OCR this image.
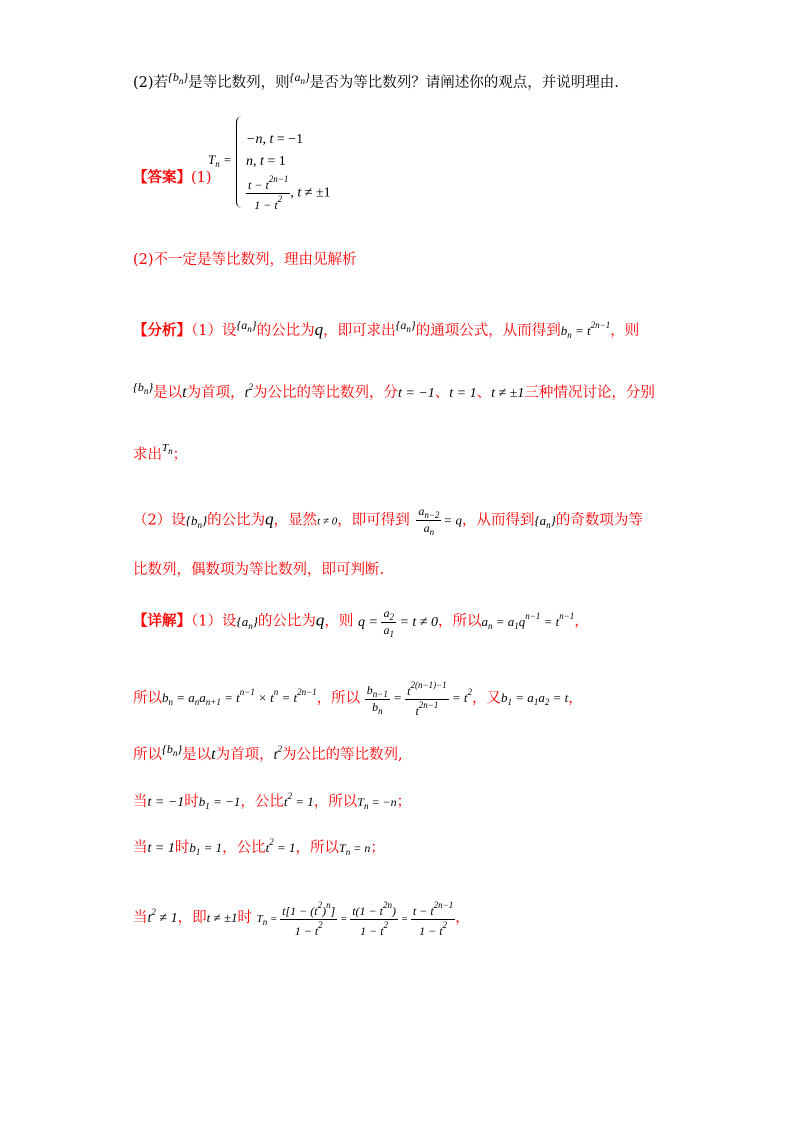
(2)若$^{\{b_n\}}$是等比数列，则$^{\{a_n\}}$是否为等比数列？请阐述你的观点，并说明理由.
【答案】(1)
$T_n$ =
−n, t = −1
n, t = 1
$\frac{t - t^{2n-1}}{1 - t^2}$ , t ≠ ±1
(2)不一定是等比数列，理由见解析
【分析】（1）设$^{\{a_n\}}$的公比为q，即可求出$^{\{a_n\}}$的通项公式，从而得到$b_n = t^{2n-1}$，则
$^{\{b_n\}}$是以t为首项，$t^2$为公比的等比数列，分t = −1、t = 1、t ≠ ±1三种情况讨论，分别
求出$^{T_n}$；
（2）设$\{b_n\}$的公比为q，显然t ≠ 0，即可得到 $\frac{a_{n-2}}{a_n} = q$，从而得到$\{a_n\}$的奇数项为等
比数列，偶数项为等比数列，即可判断.
【详解】（1）设$\{a_n\}$的公比为q，则 $q = \frac{a_2}{a_1} = t \ne 0$，所以$a_n = a_1q^{n-1} = t^{n-1}$，
所以$b_n = a_na_{n+1} = t^{n-1} \times t^n = t^{2n-1}$，所以 $\frac{b_{n-1}}{b_n} = \frac{t^{2(n-1)-1}}{t^{2n-1}} = t^2$，又$b_1 = a_1a_2 = t$，
所以$^{\{b_n\}}$是以t为首项，$t^2$为公比的等比数列,
当t = −1时$b_1 = -1$，公比$t^2 = 1$，所以$T_n = -n$；
当t = 1时$b_1 = 1$，公比$t^2 = 1$，所以$T_n = n$；
当$t^2 \ne 1$，即t ≠ ±1时 $T_n = \frac{t[1 - (t^2)^n]}{1 - t^2} = \frac{t(1 - t^{2n})}{1 - t^2} = \frac{t - t^{2n-1}}{1 - t^2}$ ，
